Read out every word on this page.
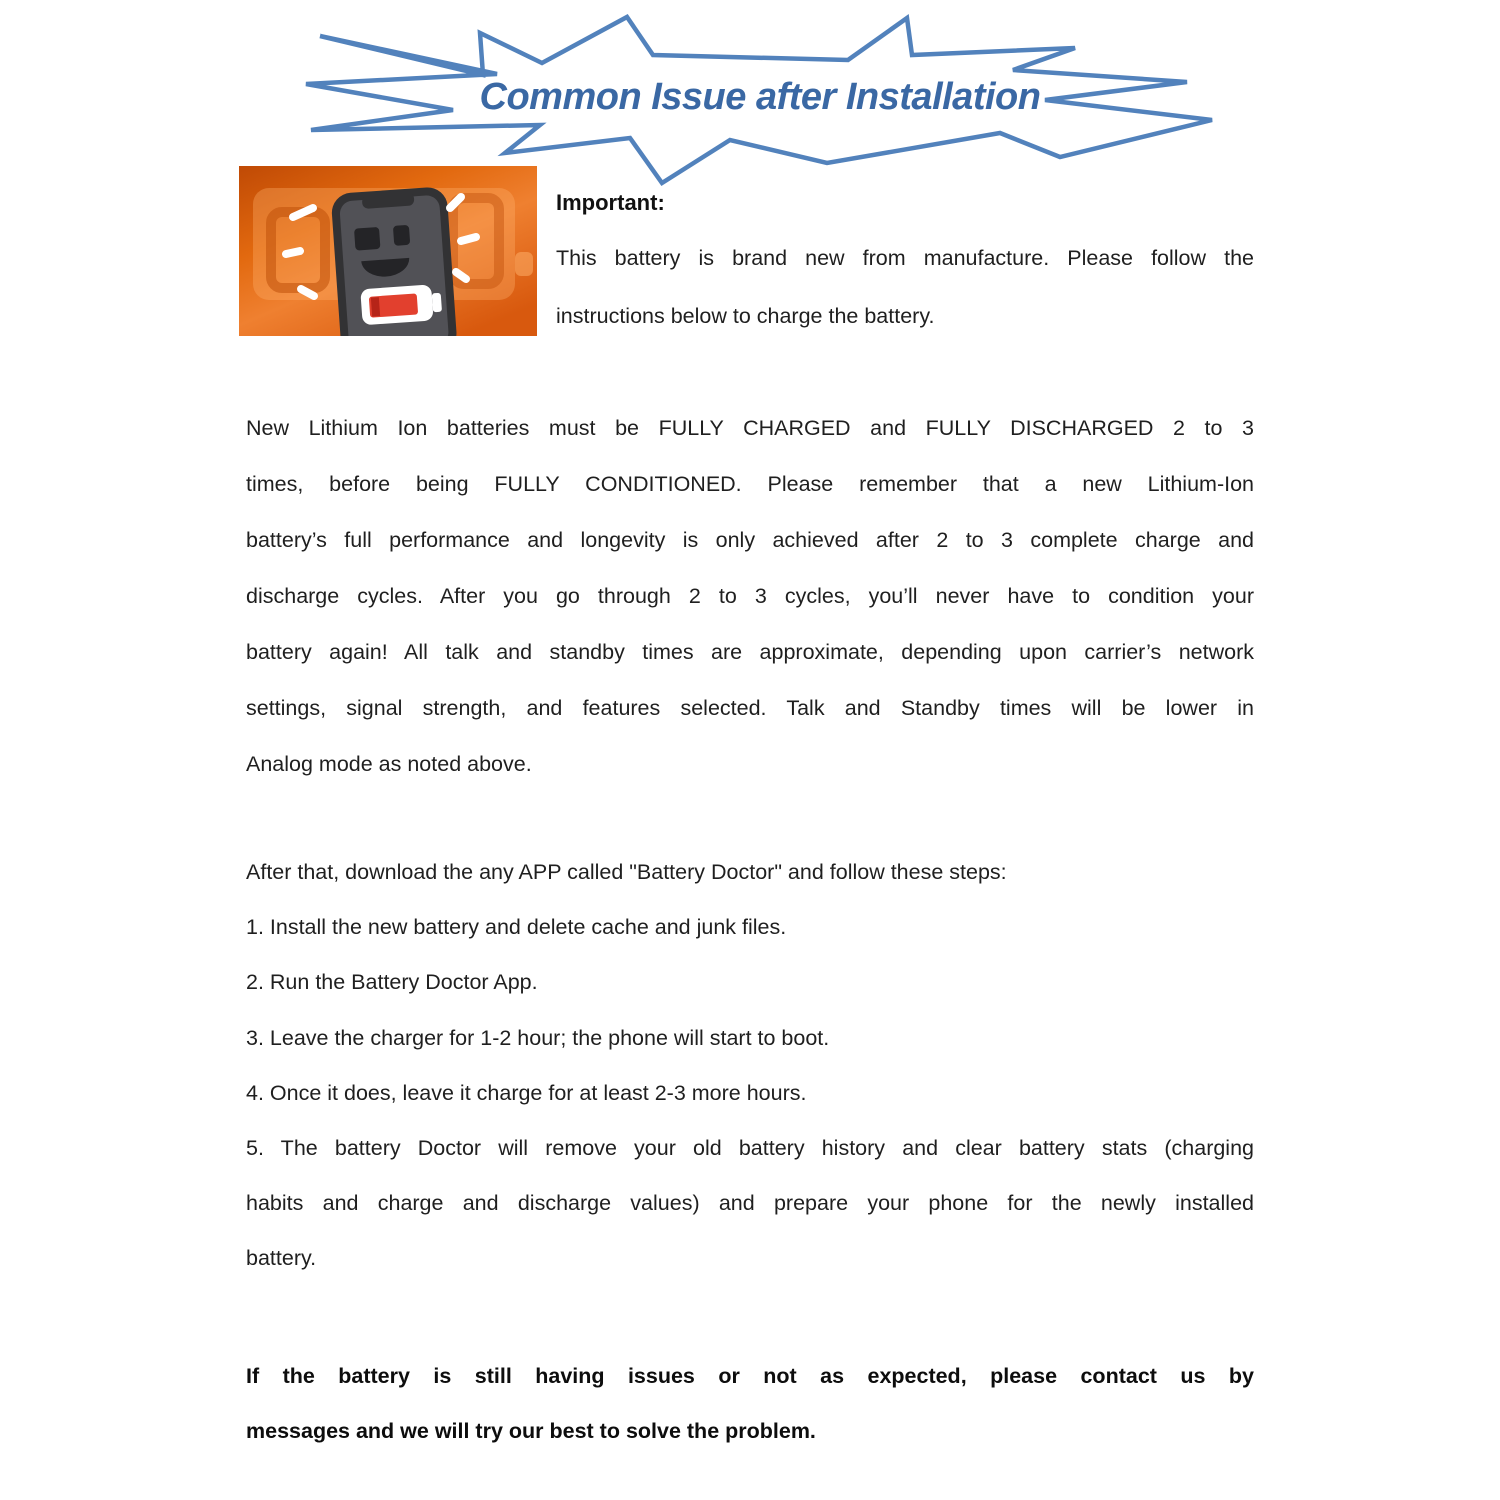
Common Issue after Installation
Important:
This battery is brand new from manufacture. Please follow the
instructions below to charge the battery.
New Lithium Ion batteries must be FULLY CHARGED and FULLY DISCHARGED 2 to 3
times, before being FULLY CONDITIONED. Please remember that a new Lithium-Ion
battery’s full performance and longevity is only achieved after 2 to 3 complete charge and
discharge cycles. After you go through 2 to 3 cycles, you’ll never have to condition your
battery again! All talk and standby times are approximate, depending upon carrier’s network
settings, signal strength, and features selected. Talk and Standby times will be lower in
Analog mode as noted above.
After that, download the any APP called "Battery Doctor" and follow these steps:
1. Install the new battery and delete cache and junk files.
2. Run the Battery Doctor App.
3. Leave the charger for 1-2 hour; the phone will start to boot.
4. Once it does, leave it charge for at least 2-3 more hours.
5. The battery Doctor will remove your old battery history and clear battery stats (charging
habits and charge and discharge values) and prepare your phone for the newly installed
battery.
If the battery is still having issues or not as expected, please contact us by
messages and we will try our best to solve the problem.
